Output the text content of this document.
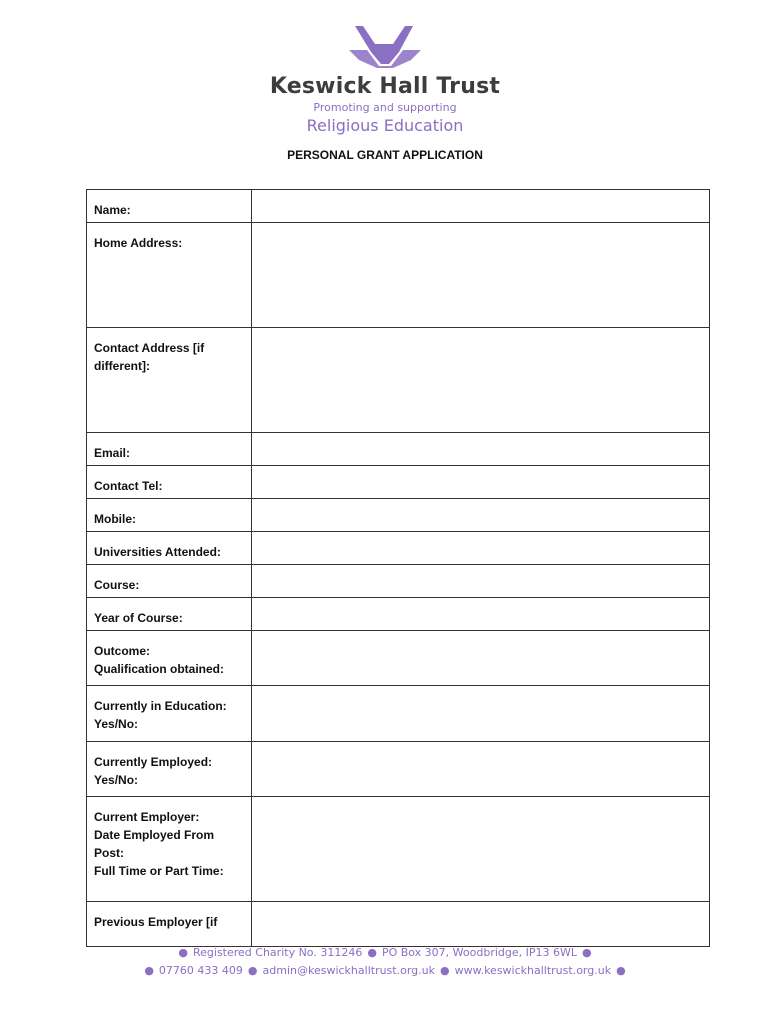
Keswick Hall Trust
Promoting and supporting
Religious Education
PERSONAL GRANT APPLICATION
Name:	

Home Address:	

Contact Address [if
different]:	

Email:	

Contact Tel:	

Mobile:	

Universities Attended:	

Course:	

Year of Course:	

Outcome:
Qualification obtained:	

Currently in Education:
Yes/No:	

Currently Employed:
Yes/No:	

Current Employer:
Date Employed From
Post:
Full Time or Part Time:	

Previous Employer [if	

● Registered Charity No. 311246 ● PO Box 307, Woodbridge, IP13 6WL ●
● 07760 433 409 ● admin@keswickhalltrust.org.uk ● www.keswickhalltrust.org.uk ●
